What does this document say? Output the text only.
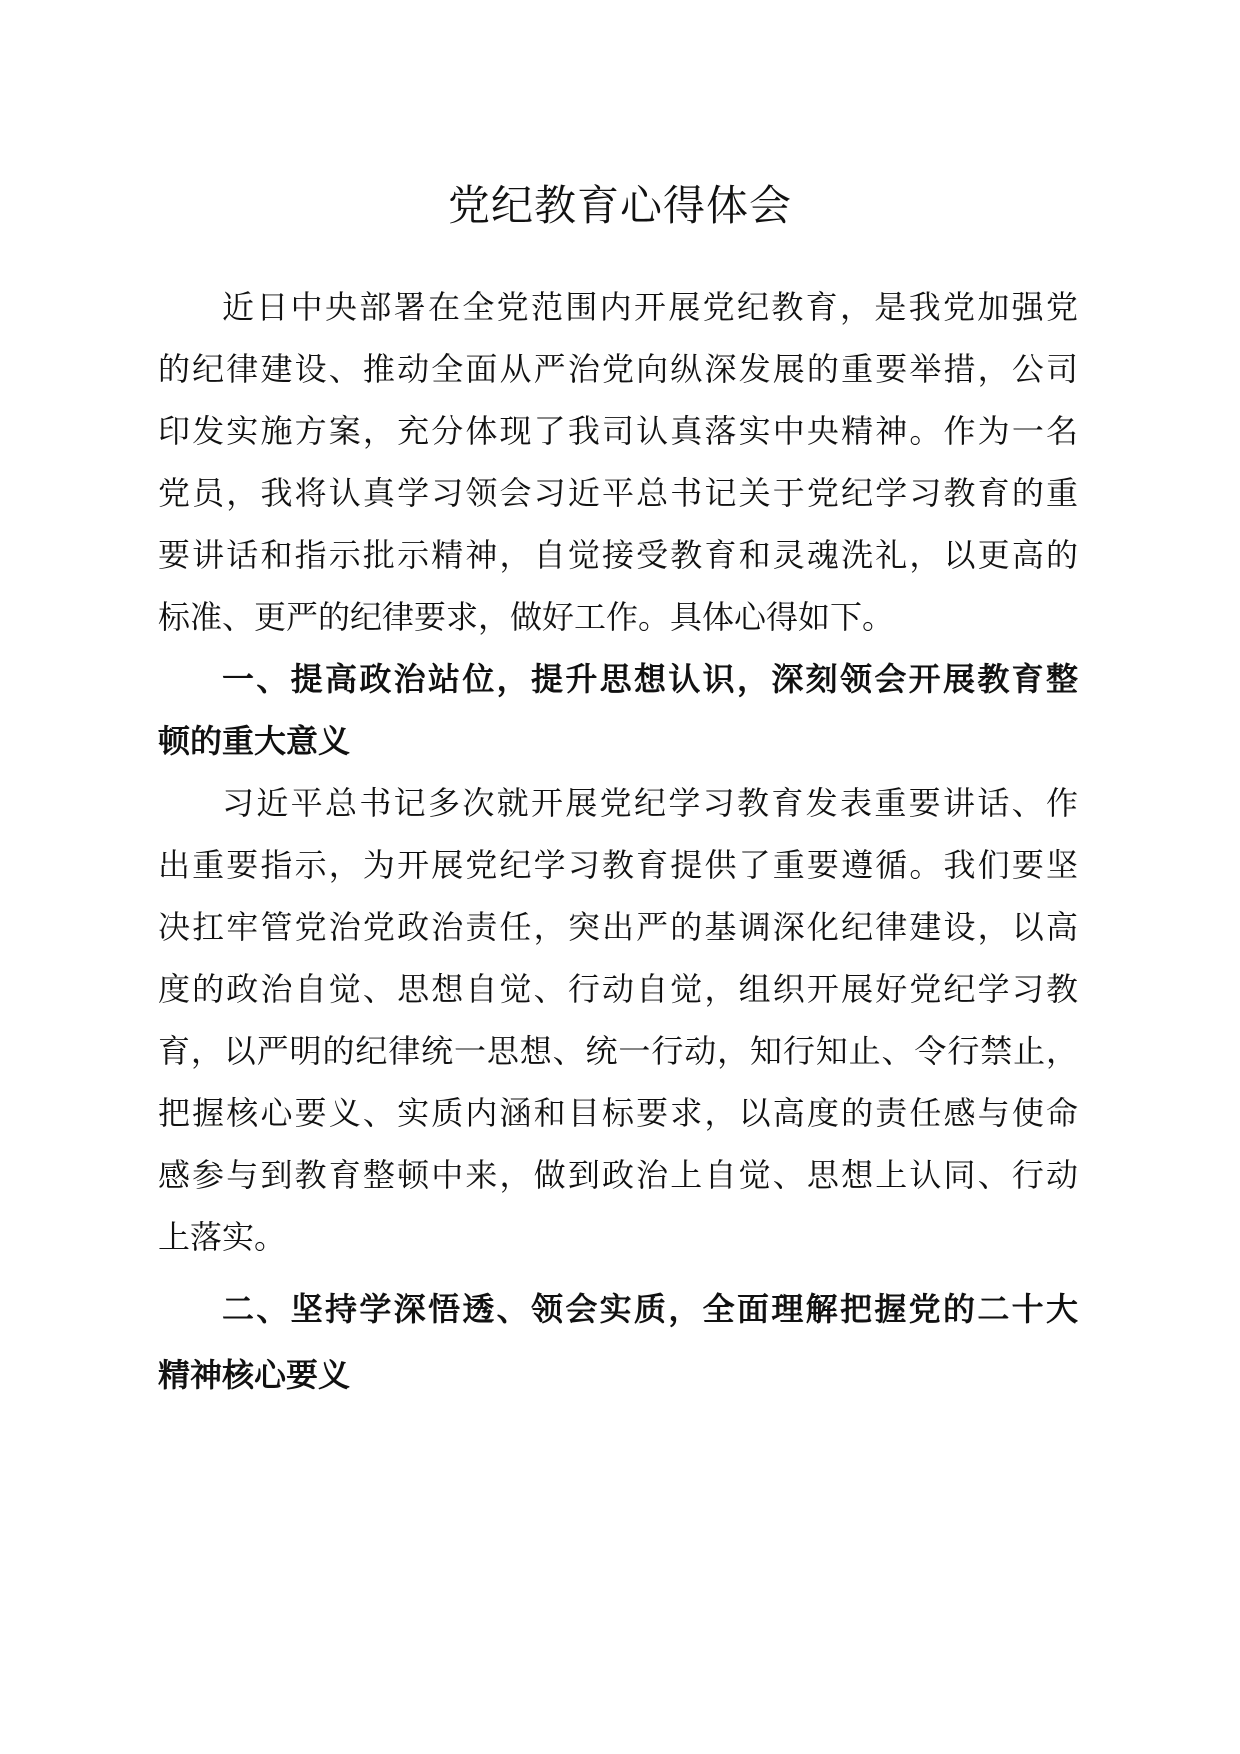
党纪教育心得体会

近日中央部署在全党范围内开展党纪教育，是我党加强党

的纪律建设、推动全面从严治党向纵深发展的重要举措，公司

印发实施方案，充分体现了我司认真落实中央精神。作为一名

党员，我将认真学习领会习近平总书记关于党纪学习教育的重

要讲话和指示批示精神，自觉接受教育和灵魂洗礼，以更高的

标准、更严的纪律要求，做好工作。具体心得如下。

一、提高政治站位，提升思想认识，深刻领会开展教育整

顿的重大意义

习近平总书记多次就开展党纪学习教育发表重要讲话、作

出重要指示，为开展党纪学习教育提供了重要遵循。我们要坚

决扛牢管党治党政治责任，突出严的基调深化纪律建设，以高

度的政治自觉、思想自觉、行动自觉，组织开展好党纪学习教

育，以严明的纪律统一思想、统一行动，知行知止、令行禁止，

把握核心要义、实质内涵和目标要求，以高度的责任感与使命

感参与到教育整顿中来，做到政治上自觉、思想上认同、行动

上落实。

二、坚持学深悟透、领会实质，全面理解把握党的二十大

精神核心要义
